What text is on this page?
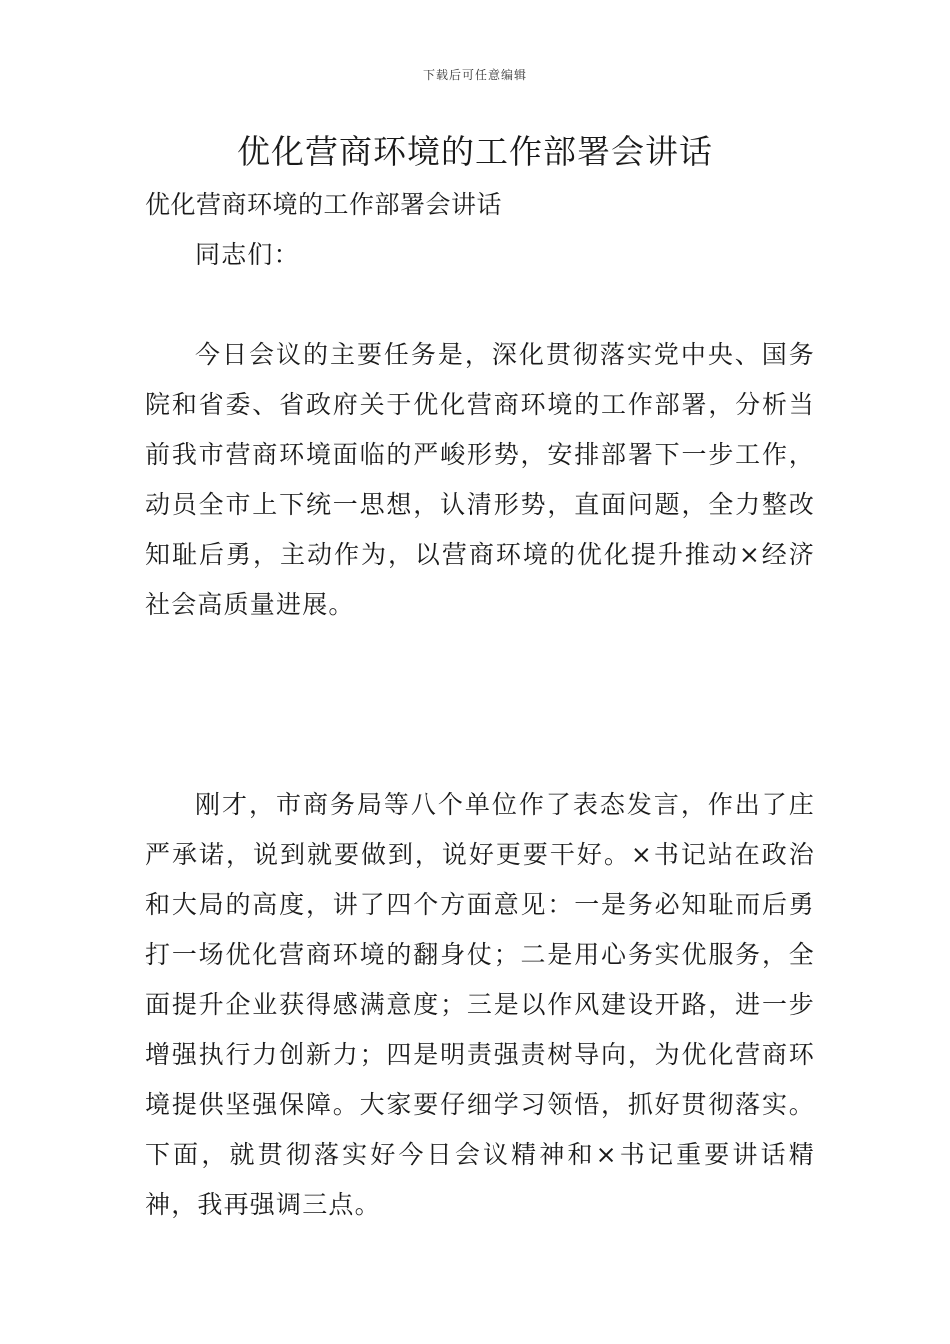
下载后可任意编辑
优化营商环境的工作部署会讲话

优化营商环境的工作部署会讲话

同志们：

今日会议的主要任务是，深化贯彻落实党中央、国务院和省委、省政府关于优化营商环境的工作部署，分析当前我市营商环境面临的严峻形势，安排部署下一步工作，动员全市上下统一思想，认清形势，直面问题，全力整改知耻后勇，主动作为，以营商环境的优化提升推动×经济社会高质量进展。

刚才，市商务局等八个单位作了表态发言，作出了庄严承诺，说到就要做到，说好更要干好。×书记站在政治和大局的高度，讲了四个方面意见：一是务必知耻而后勇打一场优化营商环境的翻身仗；二是用心务实优服务，全面提升企业获得感满意度；三是以作风建设开路，进一步增强执行力创新力；四是明责强责树导向，为优化营商环境提供坚强保障。大家要仔细学习领悟，抓好贯彻落实。下面，就贯彻落实好今日会议精神和×书记重要讲话精神，我再强调三点。
